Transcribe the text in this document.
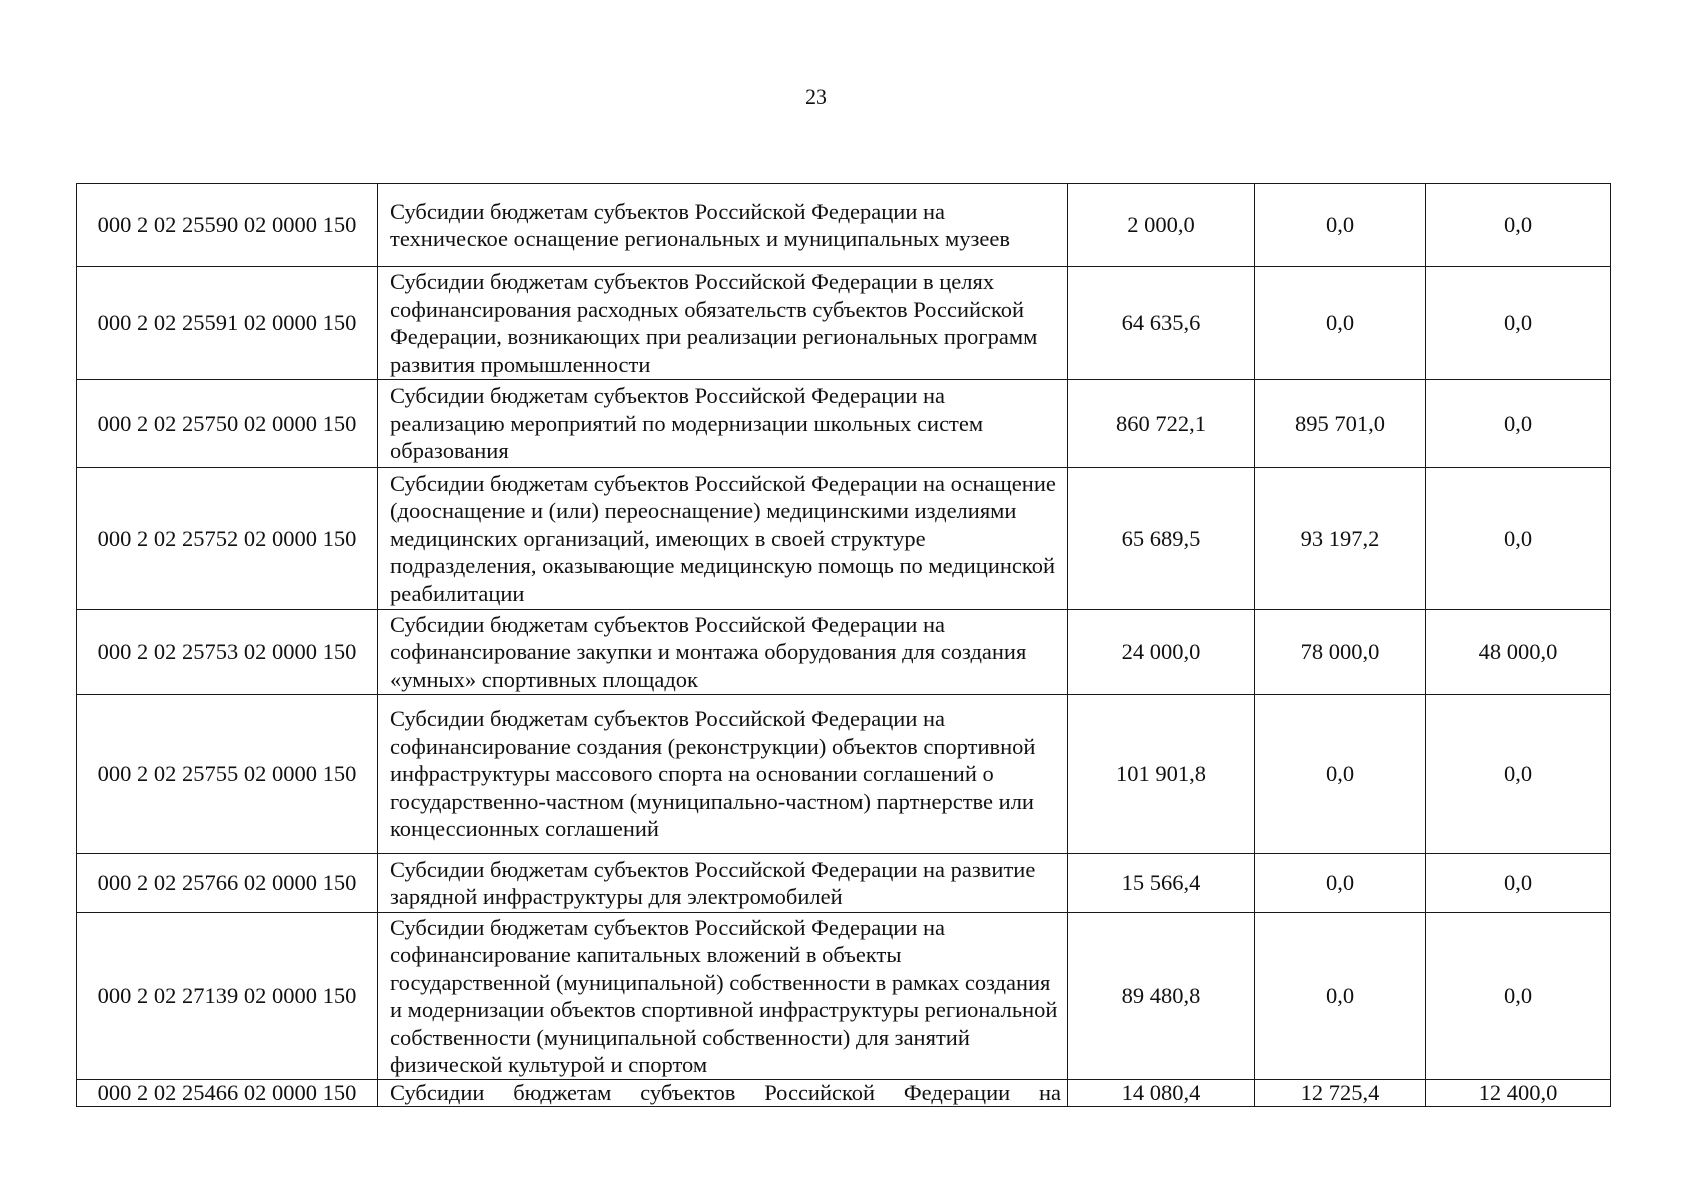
23
000 2 02 25590 02 0000 150	Субсидии бюджетам субъектов Российской Федерации на техническое оснащение региональных и муниципальных музеев	2 000,0	0,0	0,0
000 2 02 25591 02 0000 150	Субсидии бюджетам субъектов Российской Федерации в целях софинансирования расходных обязательств субъектов Российской Федерации, возникающих при реализации региональных программ развития промышленности	64 635,6	0,0	0,0
000 2 02 25750 02 0000 150	Субсидии бюджетам субъектов Российской Федерации на реализацию мероприятий по модернизации школьных систем образования	860 722,1	895 701,0	0,0
000 2 02 25752 02 0000 150	Субсидии бюджетам субъектов Российской Федерации на оснащение (дооснащение и (или) переоснащение) медицинскими изделиями медицинских организаций, имеющих в своей структуре подразделения, оказывающие медицинскую помощь по медицинской реабилитации	65 689,5	93 197,2	0,0
000 2 02 25753 02 0000 150	Субсидии бюджетам субъектов Российской Федерации на софинансирование закупки и монтажа оборудования для создания «умных» спортивных площадок	24 000,0	78 000,0	48 000,0
000 2 02 25755 02 0000 150	Субсидии бюджетам субъектов Российской Федерации на софинансирование создания (реконструкции) объектов спортивной инфраструктуры массового спорта на основании соглашений о государственно-частном (муниципально-частном) партнерстве или концессионных соглашений	101 901,8	0,0	0,0
000 2 02 25766 02 0000 150	Субсидии бюджетам субъектов Российской Федерации на развитие зарядной инфраструктуры для электромобилей	15 566,4	0,0	0,0
000 2 02 27139 02 0000 150	Субсидии бюджетам субъектов Российской Федерации на софинансирование капитальных вложений в объекты государственной (муниципальной) собственности в рамках создания и модернизации объектов спортивной инфраструктуры региональной собственности (муниципальной собственности) для занятий физической культурой и спортом	89 480,8	0,0	0,0
000 2 02 25466 02 0000 150	Субсидии бюджетам субъектов Российской Федерации на	14 080,4	12 725,4	12 400,0
